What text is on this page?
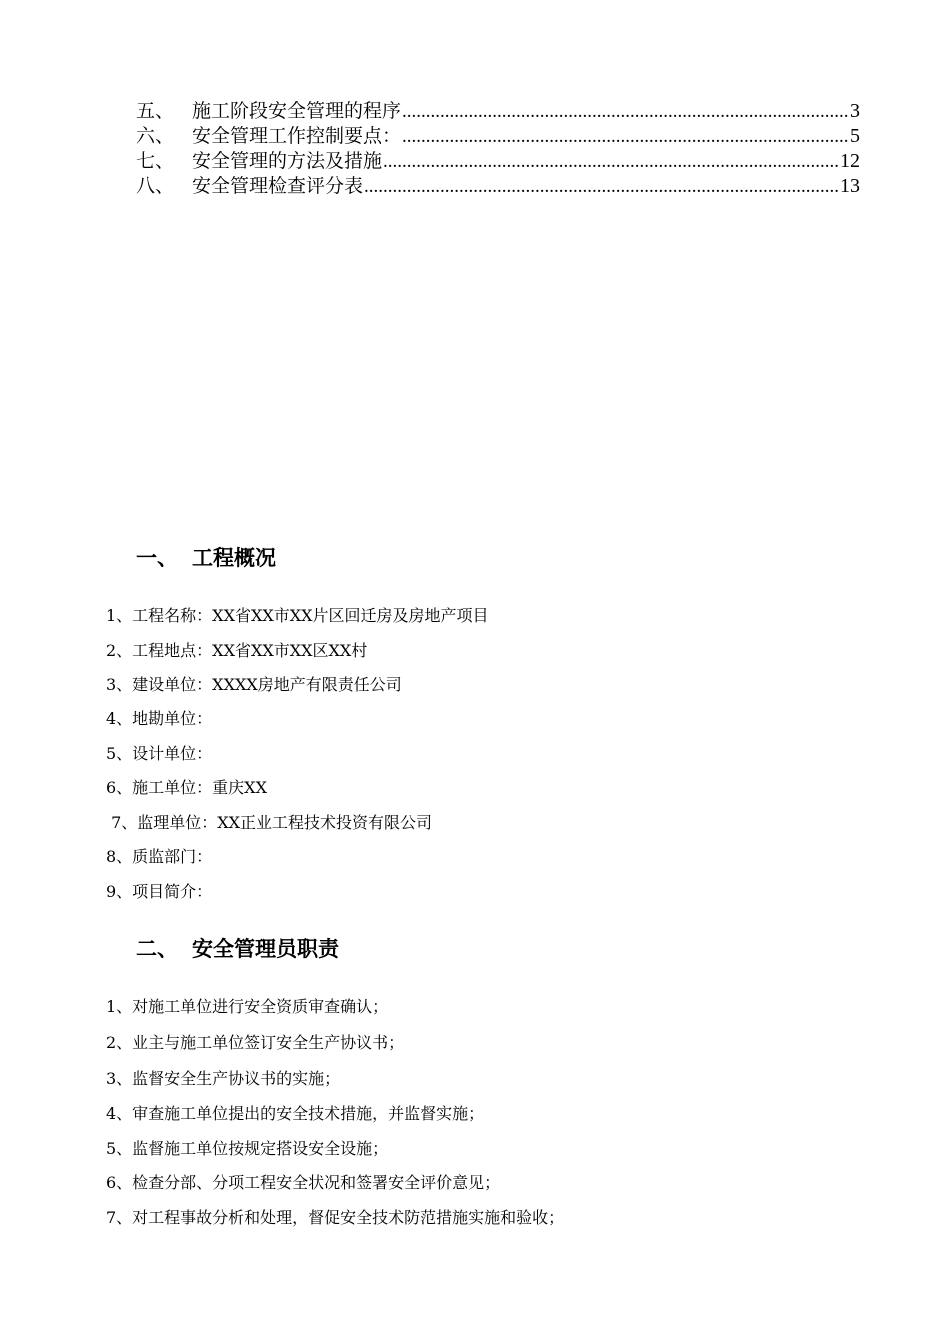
五、 施工阶段安全管理的程序 .....	3
六、 安全管理工作控制要点： .....	5
七、 安全管理的方法及措施 .....	12
八、 安全管理检查评分表 .....	13
一、 工程概况
1、工程名称：XX省XX市XX片区回迁房及房地产项目
2、工程地点：XX省XX市XX区XX村
3、建设单位：XXXX房地产有限责任公司
4、地勘单位：
5、设计单位：
6、施工单位：重庆XX
7、监理单位：XX正业工程技术投资有限公司
8、质监部门：
9、项目简介：
二、 安全管理员职责
1、对施工单位进行安全资质审查确认；
2、业主与施工单位签订安全生产协议书；
3、监督安全生产协议书的实施；
4、审查施工单位提出的安全技术措施，并监督实施；
5、监督施工单位按规定搭设安全设施；
6、检查分部、分项工程安全状况和签署安全评价意见；
7、对工程事故分析和处理，督促安全技术防范措施实施和验收；
